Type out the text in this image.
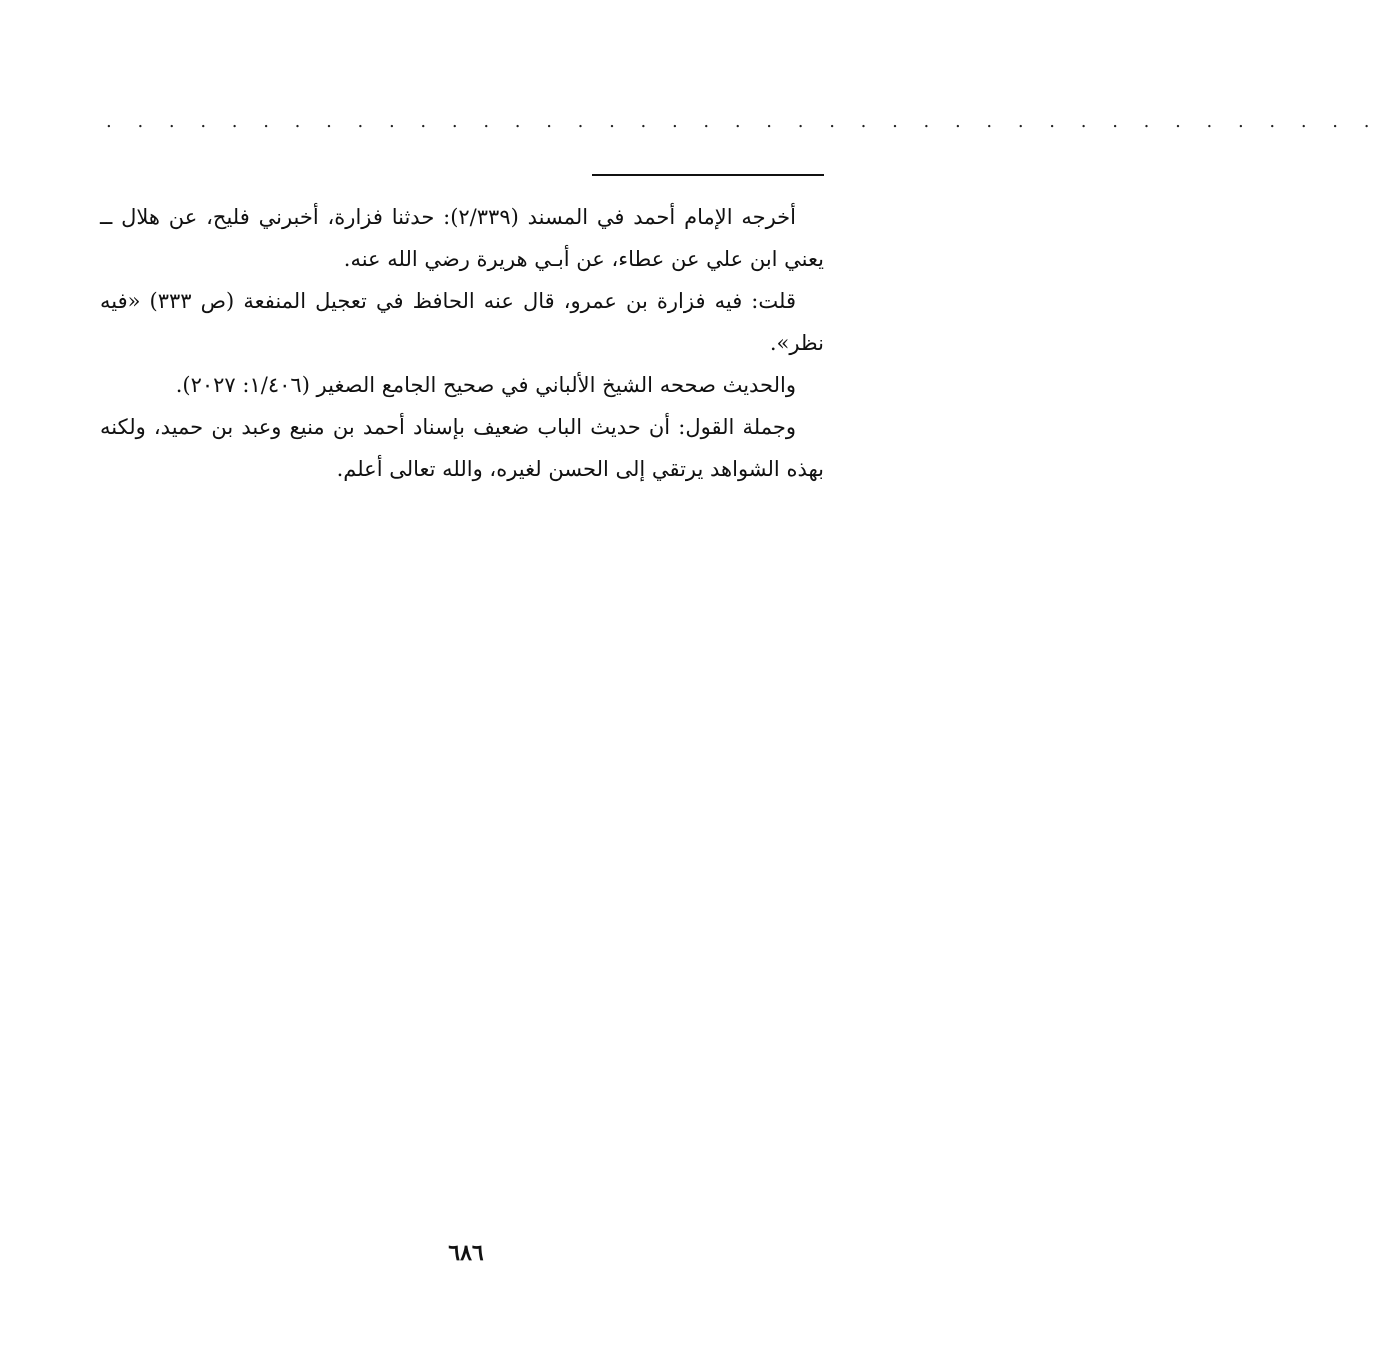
. . . . . . . . . . . . . . . . . . . . . . . . . . . . . . . . . . . . . . . . .

أخرجه الإمام أحمد في المسند (٢/٣٣٩): حدثنا فزارة، أخبرني فليح، عن هلال ــ يعني ابن علي عن عطاء، عن أبـي هريرة رضي الله عنه.

قلت: فيه فزارة بن عمرو، قال عنه الحافظ في تعجيل المنفعة (ص ٣٣٣) «فيه نظر».

والحديث صححه الشيخ الألباني في صحيح الجامع الصغير (١/٤٠٦: ٢٠٢٧).

وجملة القول: أن حديث الباب ضعيف بإسناد أحمد بن منيع وعبد بن حميد، ولكنه بهذه الشواهد يرتقي إلى الحسن لغيره، والله تعالى أعلم.

٦٨٦
